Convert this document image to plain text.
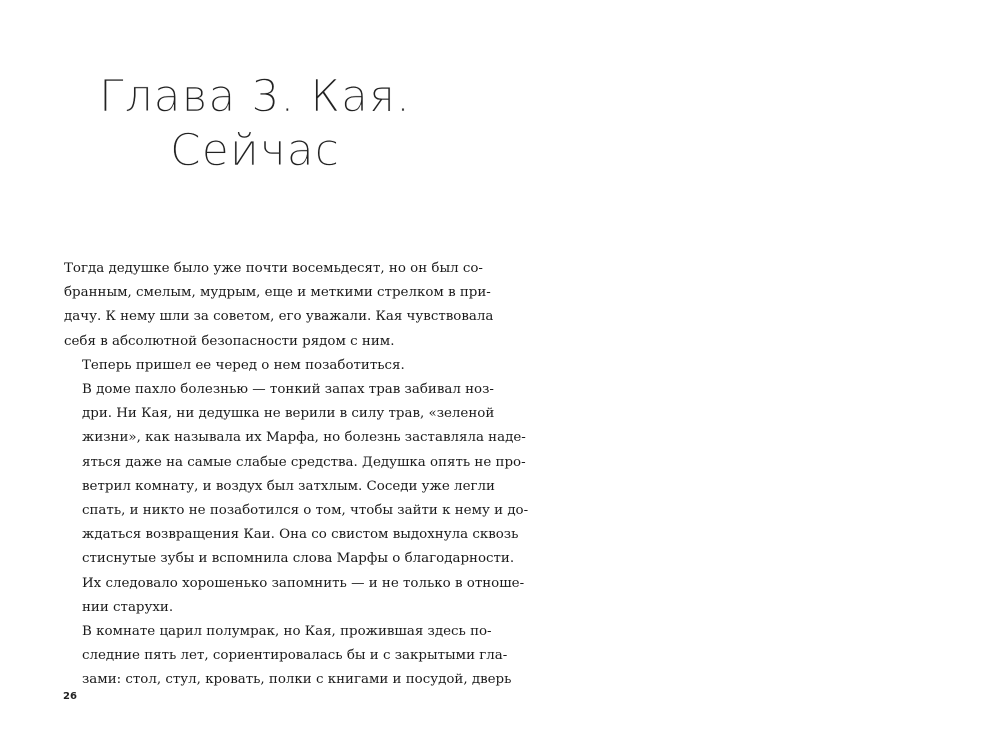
Глава 3. Кая.
Сейчас

Тогда дедушке было уже почти восемьдесят, но он был со-
бранным, смелым, мудрым, еще и меткими стрелком в при-
дачу. К нему шли за советом, его уважали. Кая чувствовала
себя в абсолютной безопасности рядом с ним.

Теперь пришел ее черед о нем позаботиться.

В доме пахло болезнью — тонкий запах трав забивал нoз-
дри. Ни Кая, ни дедушка не верили в силу трав, «зеленой
жизни», как называла их Марфа, но болезнь заставляла наде-
яться даже на самые слабые средства. Дедушка опять не про-
ветрил комнату, и воздух был затхлым. Соседи уже легли
спать, и никто не позаботился о том, чтобы зайти к нему и до-
ждаться возвращения Каи. Она со свистом выдохнула сквозь
стиснутые зубы и вспомнила слова Марфы о благодарности.
Их следовало хорошенько запомнить — и не только в отноше-
нии старухи.

В комнате царил полумрак, но Кая, прожившая здесь по-
следние пять лет, сориентировалась бы и с закрытыми гла-
зами: стол, стул, кровать, полки с книгами и посудой, дверь

26
